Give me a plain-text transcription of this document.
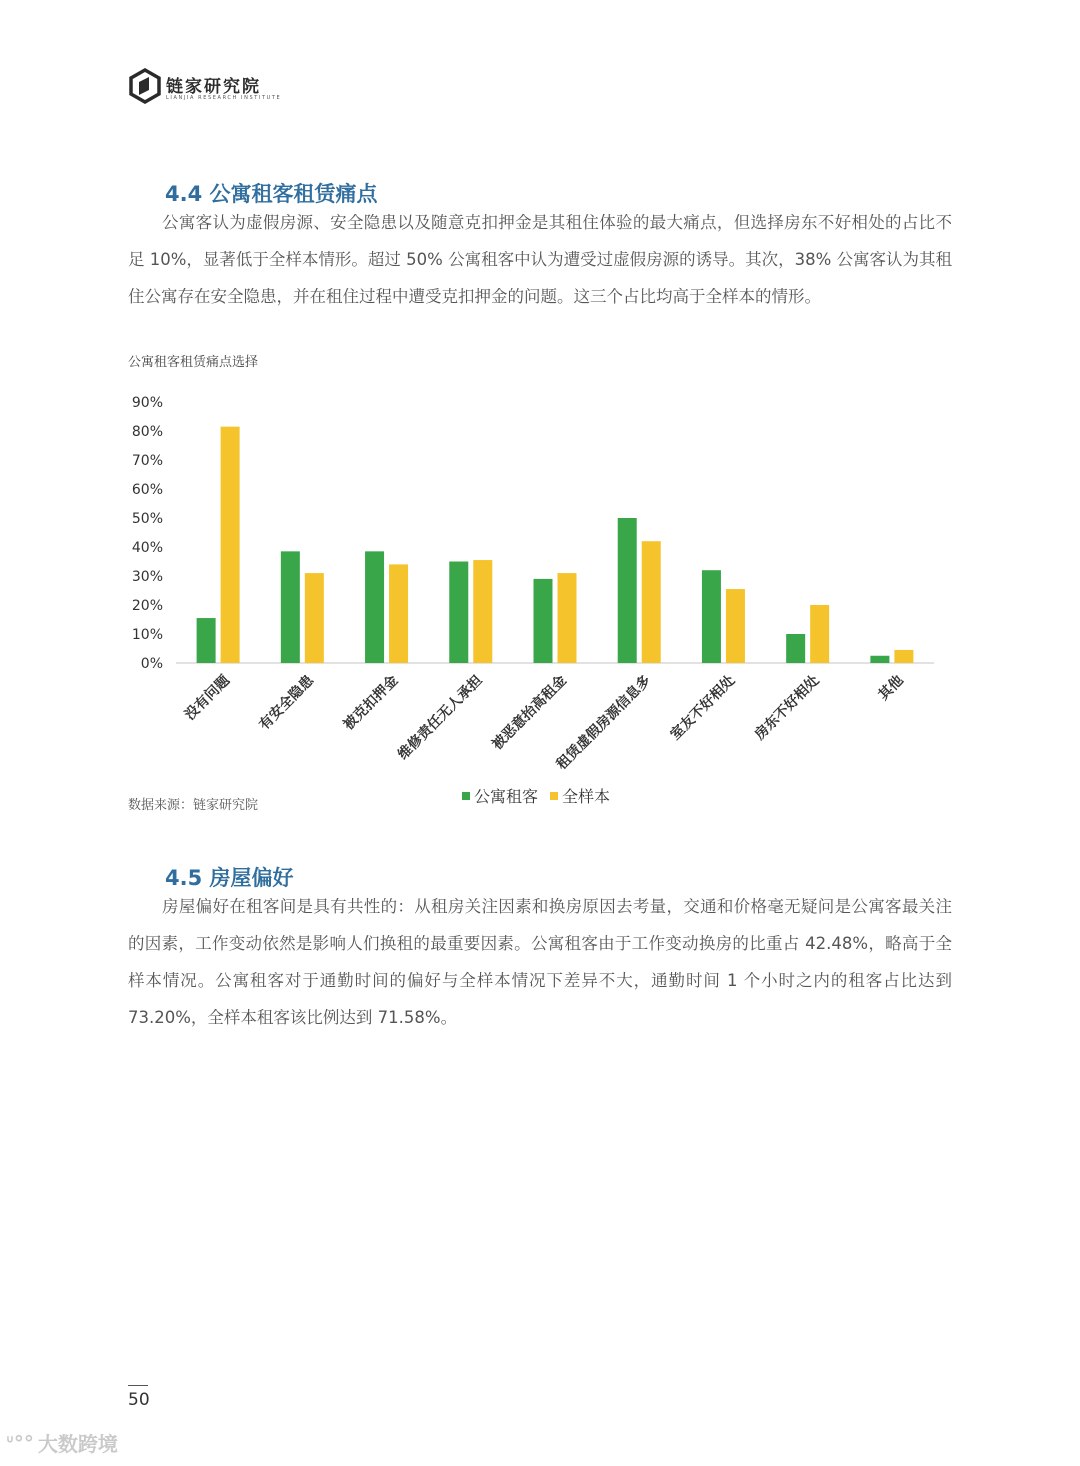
链家研究院
LIANJIA RESEARCH INSTITUTE
4.4 公寓租客租赁痛点

公寓客认为虚假房源、安全隐患以及随意克扣押金是其租住体验的最大痛点，但选择房东不好相处的占比不足 10%，显著低于全样本情形。超过 50% 公寓租客中认为遭受过虚假房源的诱导。其次，38% 公寓客认为其租住公寓存在安全隐患，并在租住过程中遭受克扣押金的问题。这三个占比均高于全样本的情形。

公寓租客租赁痛点选择
90%
80%
70%
60%
50%
40%
30%
20%
10%
0%
没有问题 有安全隐患 被克扣押金
维修责任无人承担 被恶意抬高租金
租赁虚假房源信息多 室友不好相处 房东不好相处	其他
公寓租客 全样本
数据来源：链家研究院
4.5 房屋偏好

房屋偏好在租客间是具有共性的：从租房关注因素和换房原因去考量，交通和价格毫无疑问是公寓客最关注的因素，工作变动依然是影响人们换租的最重要因素。公寓租客由于工作变动换房的比重占 42.48%，略高于全样本情况。公寓租客对于通勤时间的偏好与全样本情况下差异不大，通勤时间 1 个小时之内的租客占比达到 73.20%，全样本租客该比例达到 71.58%。

50
ᐡ°° 大数跨境
